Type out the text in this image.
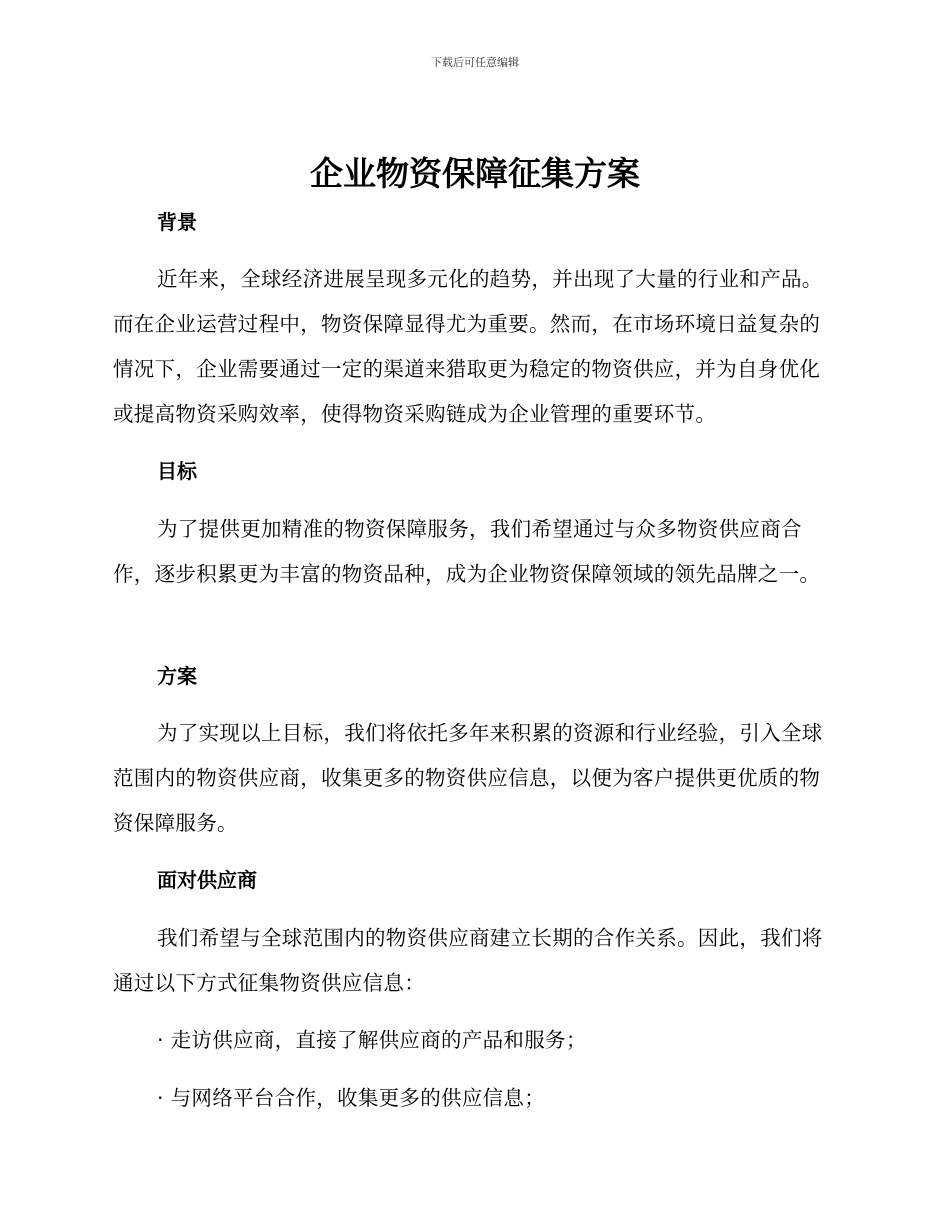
下载后可任意编辑
企业物资保障征集方案
背景

近年来，全球经济进展呈现多元化的趋势，并出现了大量的行业和产品。而在企业运营过程中，物资保障显得尤为重要。然而，在市场环境日益复杂的情况下，企业需要通过一定的渠道来猎取更为稳定的物资供应，并为自身优化或提高物资采购效率，使得物资采购链成为企业管理的重要环节。

目标

为了提供更加精准的物资保障服务，我们希望通过与众多物资供应商合作，逐步积累更为丰富的物资品种，成为企业物资保障领域的领先品牌之一。

方案

为了实现以上目标，我们将依托多年来积累的资源和行业经验，引入全球范围内的物资供应商，收集更多的物资供应信息，以便为客户提供更优质的物资保障服务。

面对供应商

我们希望与全球范围内的物资供应商建立长期的合作关系。因此，我们将通过以下方式征集物资供应信息：

· 走访供应商，直接了解供应商的产品和服务；

· 与网络平台合作，收集更多的供应信息；
